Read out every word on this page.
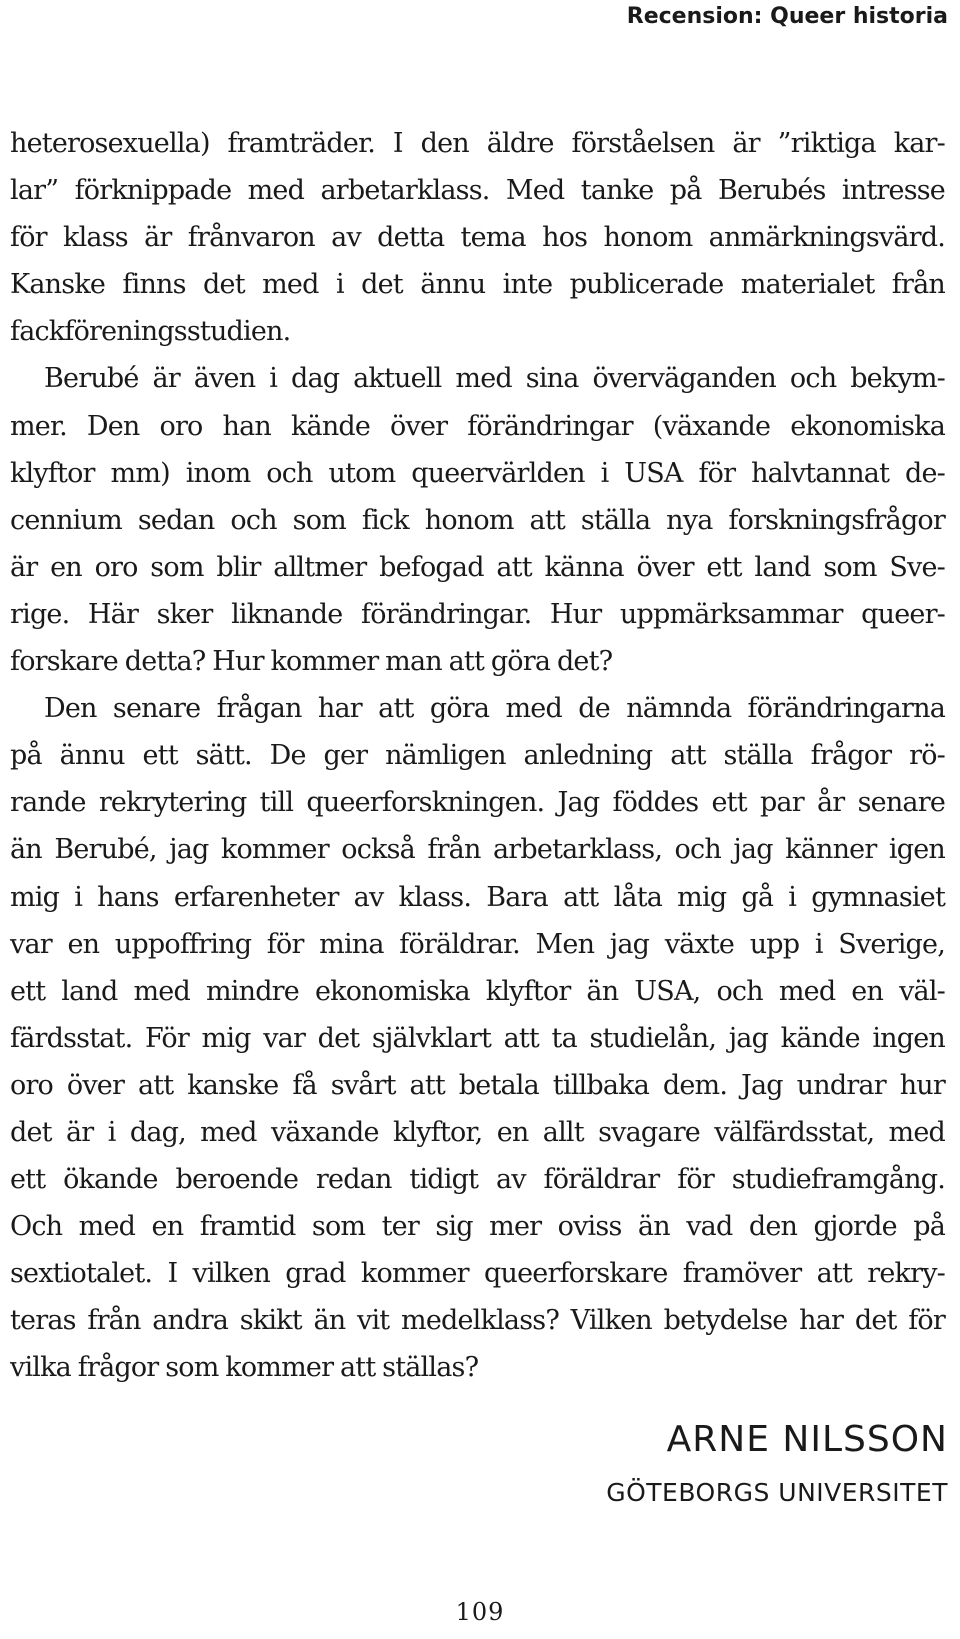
Recension: Queer historia
heterosexuella) framträder. I den äldre förståelsen är ”riktiga kar-
lar” förknippade med arbetarklass. Med tanke på Berubés intresse
för klass är frånvaron av detta tema hos honom anmärkningsvärd.
Kanske finns det med i det ännu inte publicerade materialet från
fackföreningsstudien.
Berubé är även i dag aktuell med sina överväganden och bekym-
mer. Den oro han kände över förändringar (växande ekonomiska
klyftor mm) inom och utom queervärlden i USA för halvtannat de-
cennium sedan och som fick honom att ställa nya forskningsfrågor
är en oro som blir alltmer befogad att känna över ett land som Sve-
rige. Här sker liknande förändringar. Hur uppmärksammar queer-
forskare detta? Hur kommer man att göra det?
Den senare frågan har att göra med de nämnda förändringarna
på ännu ett sätt. De ger nämligen anledning att ställa frågor rö-
rande rekrytering till queerforskningen. Jag föddes ett par år senare
än Berubé, jag kommer också från arbetarklass, och jag känner igen
mig i hans erfarenheter av klass. Bara att låta mig gå i gymnasiet
var en uppoffring för mina föräldrar. Men jag växte upp i Sverige,
ett land med mindre ekonomiska klyftor än USA, och med en väl-
färdsstat. För mig var det självklart att ta studielån, jag kände ingen
oro över att kanske få svårt att betala tillbaka dem. Jag undrar hur
det är i dag, med växande klyftor, en allt svagare välfärdsstat, med
ett ökande beroende redan tidigt av föräldrar för studieframgång.
Och med en framtid som ter sig mer oviss än vad den gjorde på
sextiotalet. I vilken grad kommer queerforskare framöver att rekry-
teras från andra skikt än vit medelklass? Vilken betydelse har det för
vilka frågor som kommer att ställas?
ARNE NILSSON
GÖTEBORGS UNIVERSITET
109
